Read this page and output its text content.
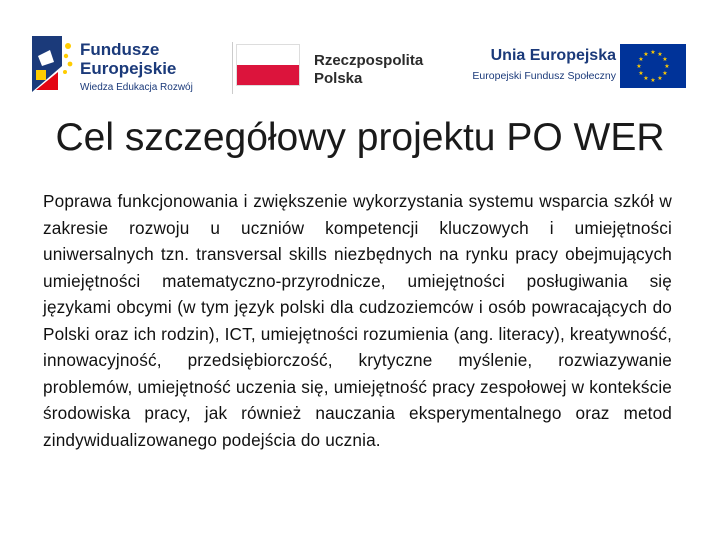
Fundusze
Europejskie
Wiedza Edukacja Rozwój
Rzeczpospolita
Polska
Unia Europejska
Europejski Fundusz Społeczny
★ ★
★
★
★
★
★
★
★
★
★
★
Cel szczegółowy projektu PO WER

Poprawa funkcjonowania i zwiększenie wykorzystania systemu wsparcia szkół w zakresie rozwoju u uczniów kompetencji kluczowych i umiejętności uniwersalnych tzn. transversal skills niezbędnych na rynku pracy obejmujących umiejętności matematyczno-przyrodnicze, umiejętności posługiwania się językami obcymi (w tym język polski dla cudzoziemców i osób powracających do Polski oraz ich rodzin), ICT, umiejętności rozumienia (ang. literacy), kreatywność, innowacyjność, przedsiębiorczość, krytyczne myślenie, rozwiazywanie problemów, umiejętność uczenia się, umiejętność pracy zespołowej w kontekście środowiska pracy, jak również nauczania eksperymentalnego oraz metod zindywidualizowanego podejścia do ucznia.
